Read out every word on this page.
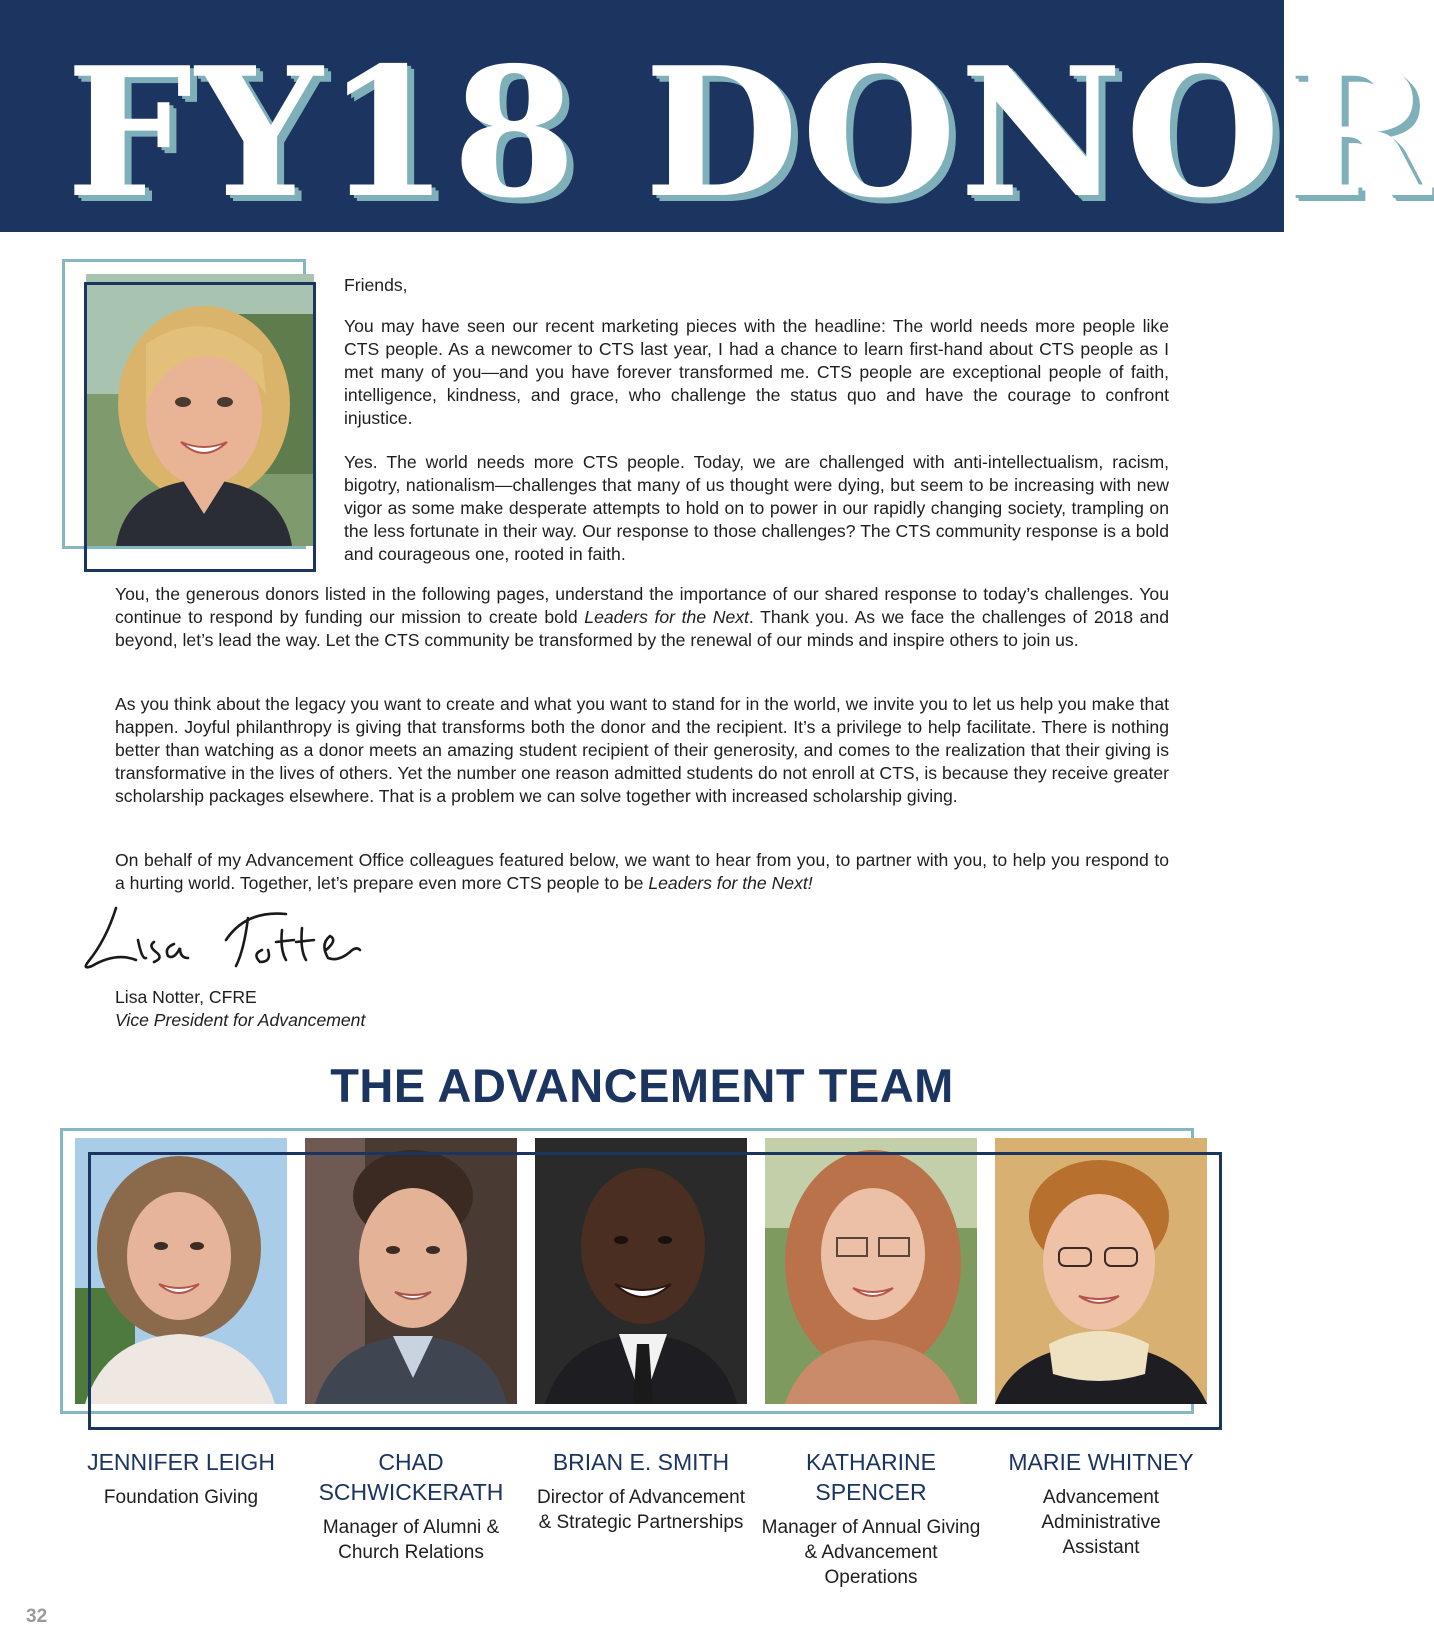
FY18 DONOR

Friends,

You may have seen our recent marketing pieces with the headline: The world needs more people like CTS people. As a newcomer to CTS last year, I had a chance to learn first-hand about CTS people as I met many of you—and you have forever transformed me. CTS people are exceptional people of faith, intelligence, kindness, and grace, who challenge the status quo and have the courage to confront injustice.

Yes. The world needs more CTS people. Today, we are challenged with anti-intellectualism, racism, bigotry, nationalism—challenges that many of us thought were dying, but seem to be increasing with new vigor as some make desperate attempts to hold on to power in our rapidly changing society, trampling on the less fortunate in their way. Our response to those challenges? The CTS community response is a bold and courageous one, rooted in faith.

You, the generous donors listed in the following pages, understand the importance of our shared response to today’s challenges. You continue to respond by funding our mission to create bold Leaders for the Next. Thank you. As we face the challenges of 2018 and beyond, let’s lead the way. Let the CTS community be transformed by the renewal of our minds and inspire others to join us.

As you think about the legacy you want to create and what you want to stand for in the world, we invite you to let us help you make that happen. Joyful philanthropy is giving that transforms both the donor and the recipient. It’s a privilege to help facilitate. There is nothing better than watching as a donor meets an amazing student recipient of their generosity, and comes to the realization that their giving is transformative in the lives of others. Yet the number one reason admitted students do not enroll at CTS, is because they receive greater scholarship packages elsewhere. That is a problem we can solve together with increased scholarship giving.

On behalf of my Advancement Office colleagues featured below, we want to hear from you, to partner with you, to help you respond to a hurting world. Together, let’s prepare even more CTS people to be Leaders for the Next!

Lisa Notter, CFRE
Vice President for Advancement
THE ADVANCEMENT TEAM
JENNIFER LEIGH
Foundation Giving
CHAD SCHWICKERATH
Manager of Alumni & Church Relations
BRIAN E. SMITH
Director of Advancement & Strategic Partnerships
KATHARINE SPENCER
Manager of Annual Giving & Advancement Operations
MARIE WHITNEY
Advancement Administrative Assistant
32
